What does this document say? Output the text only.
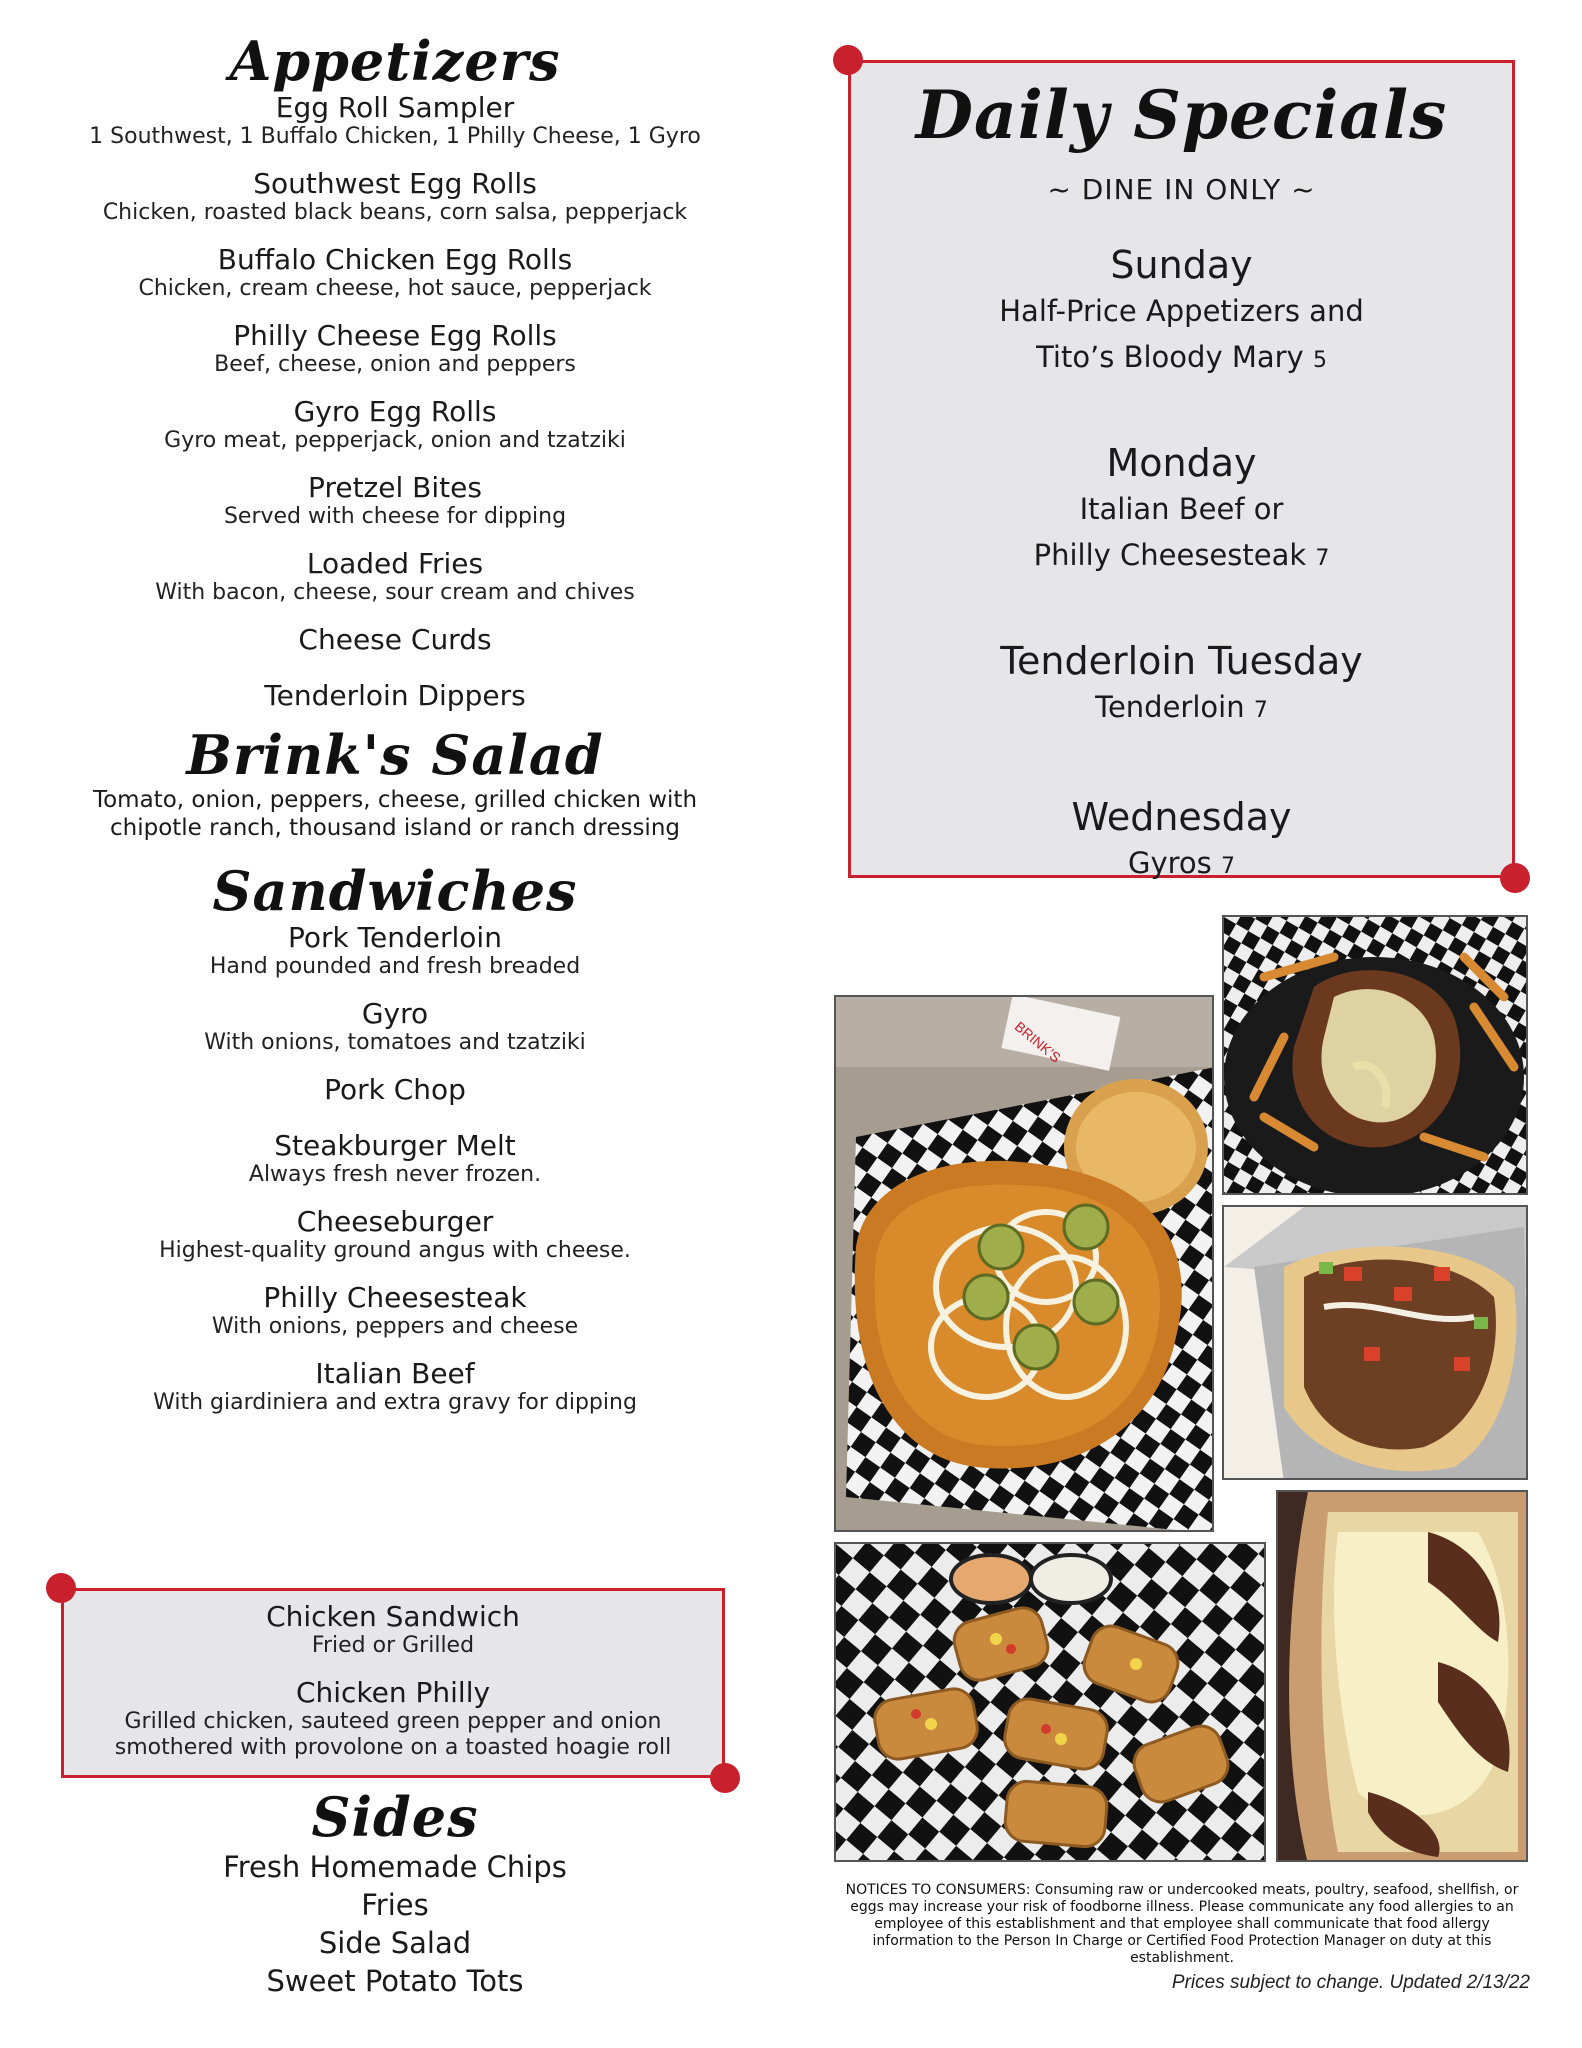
Appetizers
Egg Roll Sampler
1 Southwest, 1 Buffalo Chicken, 1 Philly Cheese, 1 Gyro
Southwest Egg Rolls
Chicken, roasted black beans, corn salsa, pepperjack
Buffalo Chicken Egg Rolls
Chicken, cream cheese, hot sauce, pepperjack
Philly Cheese Egg Rolls
Beef, cheese, onion and peppers
Gyro Egg Rolls
Gyro meat, pepperjack, onion and tzatziki
Pretzel Bites
Served with cheese for dipping
Loaded Fries
With bacon, cheese, sour cream and chives
Cheese Curds
Tenderloin Dippers
Brink's Salad
Tomato, onion, peppers, cheese, grilled chicken with
chipotle ranch, thousand island or ranch dressing
Sandwiches
Pork Tenderloin
Hand pounded and fresh breaded
Gyro
With onions, tomatoes and tzatziki
Pork Chop
Steakburger Melt
Always fresh never frozen.
Cheeseburger
Highest-quality ground angus with cheese.
Philly Cheesesteak
With onions, peppers and cheese
Italian Beef
With giardiniera and extra gravy for dipping
Chicken Sandwich
Fried or Grilled
Chicken Philly
Grilled chicken, sauteed green pepper and onion
smothered with provolone on a toasted hoagie roll
Sides
Fresh Homemade Chips
Fries
Side Salad
Sweet Potato Tots
Daily Specials
~ DINE IN ONLY ~
Sunday
Half-Price Appetizers and
Tito’s Bloody Mary 5
Monday
Italian Beef or
Philly Cheesesteak 7
Tenderloin Tuesday
Tenderloin 7
Wednesday
Gyros 7
BRINK'S
NOTICES TO CONSUMERS: Consuming raw or undercooked meats, poultry, seafood, shellfish, or eggs may increase your risk of foodborne illness. Please communicate any food allergies to an employee of this establishment and that employee shall communicate that food allergy information to the Person In Charge or Certified Food Protection Manager on duty at this establishment.
Prices subject to change. Updated 2/13/22
